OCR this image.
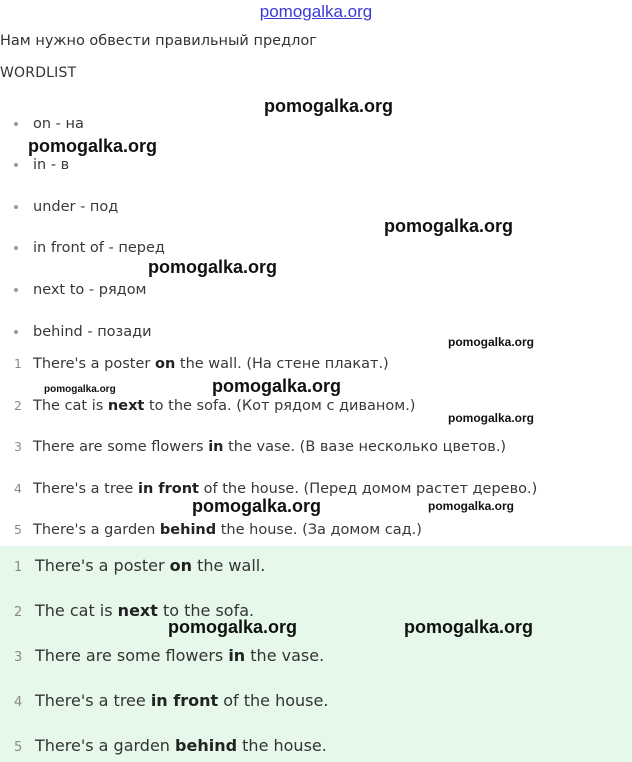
pomogalka.org
Нам нужно обвести правильный предлог
WORDLIST
on - на
in - в
under - под
in front of - перед
next to - рядом
behind - позади
1 There's a poster on the wall. (На стене плакат.)
2 The cat is next to the sofa. (Кот рядом с диваном.)
3 There are some flowers in the vase. (В вазе несколько цветов.)
4 There's a tree in front of the house. (Перед домом растет дерево.)
5 There's a garden behind the house. (За домом сад.)
1 There's a poster on the wall.
2 The cat is next to the sofa.
3 There are some flowers in the vase.
4 There's a tree in front of the house.
5 There's a garden behind the house.
pomogalka.org
pomogalka.org
pomogalka.org
pomogalka.org
pomogalka.org
pomogalka.org
pomogalka.org
pomogalka.org
pomogalka.org	pomogalka.org
pomogalka.org	pomogalka.org
